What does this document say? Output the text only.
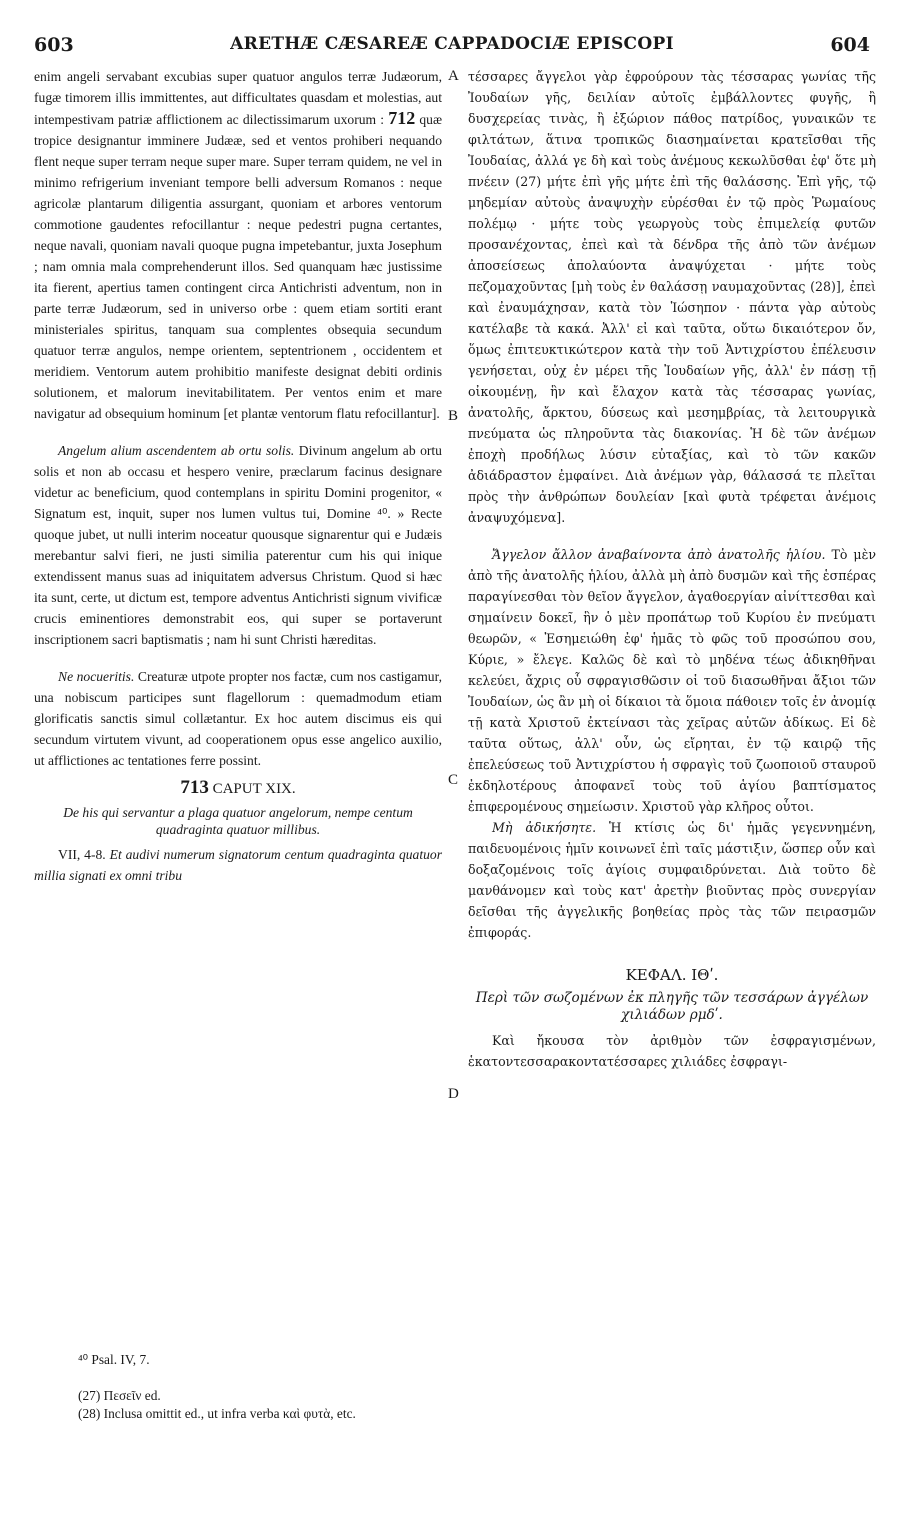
603	ARETHÆ CÆSAREÆ CAPPADOCIÆ EPISCOPI	604

enim angeli servabant excubias super quatuor angulos terræ Judæorum, fugæ timorem illis immittentes, aut difficultates quasdam et molestias, aut intempestivam patriæ afflictionem ac dilectissimarum uxorum : 712 quæ tropice designantur imminere Judææ, sed et ventos prohiberi nequando flent neque super terram neque super mare. Super terram quidem, ne vel in minimo refrigerium inveniant tempore belli adversum Romanos : neque agricolæ plantarum diligentia assurgant, quoniam et arbores ventorum commotione gaudentes refocillantur : neque pedestri pugna certantes, neque navali, quoniam navali quoque pugna impetebantur, juxta Josephum ; nam omnia mala comprehenderunt illos. Sed quanquam hæc justissime ita fierent, apertius tamen contingent circa Antichristi adventum, non in parte terræ Judæorum, sed in universo orbe : quem etiam sortiti erant ministeriales spiritus, tanquam sua complentes obsequia secundum quatuor terræ angulos, nempe orientem, septentrionem , occidentem et meridiem. Ventorum autem prohibitio manifeste designat debiti ordinis solutionem, et malorum inevitabilitatem. Per ventos enim et mare navigatur ad obsequium hominum [et plantæ ventorum flatu refocillantur].

Angelum alium ascendentem ab ortu solis. Divinum angelum ab ortu solis et non ab occasu et hespero venire, præclarum facinus designare videtur ac beneficium, quod contemplans in spiritu Domini progenitor, « Signatum est, inquit, super nos lumen vultus tui, Domine ⁴⁰. » Recte quoque jubet, ut nulli interim noceatur quousque signarentur qui e Judæis merebantur salvi fieri, ne justi similia paterentur cum his qui inique extendissent manus suas ad iniquitatem adversus Christum. Quod si hæc ita sunt, certe, ut dictum est, tempore adventus Antichristi signum vivificæ crucis eminentiores demonstrabit eos, qui super se portaverunt inscriptionem sacri baptismatis ; nam hi sunt Christi hæreditas.

Ne nocueritis. Creaturæ utpote propter nos factæ, cum nos castigamur, una nobiscum participes sunt flagellorum : quemadmodum etiam glorificatis sanctis simul collætantur. Ex hoc autem discimus eis qui secundum virtutem vivunt, ad cooperationem opus esse angelico auxilio, ut afflictiones ac tentationes ferre possint.

713 CAPUT XIX.
De his qui servantur a plaga quatuor angelorum, nempe centum quadraginta quatuor millibus.

VII, 4-8. Et audivi numerum signatorum centum quadraginta quatuor millia signati ex omni tribu

A
B
C
D

τέσσαρες ἄγγελοι γὰρ ἐφρούρουν τὰς τέσσαρας γωνίας τῆς Ἰουδαίων γῆς, δειλίαν αὐτοῖς ἐμβάλλοντες φυγῆς, ἢ δυσχερείας τινὰς, ἢ ἐξώριον πάθος πατρίδος, γυναικῶν τε φιλτάτων, ἅτινα τροπικῶς διασημαίνεται κρατεῖσθαι τῆς Ἰουδαίας, ἀλλά γε δὴ καὶ τοὺς ἀνέμους κεκωλῦσθαι ἐφ' ὅτε μὴ πνέειν (27) μήτε ἐπὶ γῆς μήτε ἐπὶ τῆς θαλάσσης. Ἐπὶ γῆς, τῷ μηδεμίαν αὐτοὺς ἀναψυχὴν εὑρέσθαι ἐν τῷ πρὸς Ῥωμαίους πολέμῳ · μήτε τοὺς γεωργοὺς τοὺς ἐπιμελείᾳ φυτῶν προσανέχοντας, ἐπεὶ καὶ τὰ δένδρα τῆς ἀπὸ τῶν ἀνέμων ἀποσείσεως ἀπολαύοντα ἀναψύχεται · μήτε τοὺς πεζομαχοῦντας [μὴ τοὺς ἐν θαλάσσῃ ναυμαχοῦντας (28)], ἐπεὶ καὶ ἐναυμάχησαν, κατὰ τὸν Ἰώσηπον · πάντα γὰρ αὐτοὺς κατέλαβε τὰ κακά. Ἀλλ' εἰ καὶ ταῦτα, οὕτω δικαιότερον ὄν, ὅμως ἐπιτευκτικώτερον κατὰ τὴν τοῦ Ἀντιχρίστου ἐπέλευσιν γενήσεται, οὐχ ἐν μέρει τῆς Ἰουδαίων γῆς, ἀλλ' ἐν πάσῃ τῇ οἰκουμένῃ, ἣν καὶ ἔλαχον κατὰ τὰς τέσσαρας γωνίας, ἀνατολῆς, ἄρκτου, δύσεως καὶ μεσημβρίας, τὰ λειτουργικὰ πνεύματα ὡς πληροῦντα τὰς διακονίας. Ἡ δὲ τῶν ἀνέμων ἐποχὴ προδήλως λύσιν εὐταξίας, καὶ τὸ τῶν κακῶν ἀδιάδραστον ἐμφαίνει. Διὰ ἀνέμων γὰρ, θάλασσά τε πλεῖται πρὸς τὴν ἀνθρώπων δουλείαν [καὶ φυτὰ τρέφεται ἀνέμοις ἀναψυχόμενα].

Ἄγγελον ἄλλον ἀναβαίνοντα ἀπὸ ἀνατολῆς ἡλίου. Τὸ μὲν ἀπὸ τῆς ἀνατολῆς ἡλίου, ἀλλὰ μὴ ἀπὸ δυσμῶν καὶ τῆς ἑσπέρας παραγίνεσθαι τὸν θεῖον ἄγγελον, ἀγαθοεργίαν αἰνίττεσθαι καὶ σημαίνειν δοκεῖ, ἣν ὁ μὲν προπάτωρ τοῦ Κυρίου ἐν πνεύματι θεωρῶν, « Ἐσημειώθη ἐφ' ἡμᾶς τὸ φῶς τοῦ προσώπου σου, Κύριε, » ἔλεγε. Καλῶς δὲ καὶ τὸ μηδένα τέως ἀδικηθῆναι κελεύει, ἄχρις οὗ σφραγισθῶσιν οἱ τοῦ διασωθῆναι ἄξιοι τῶν Ἰουδαίων, ὡς ἂν μὴ οἱ δίκαιοι τὰ ὅμοια πάθοιεν τοῖς ἐν ἀνομίᾳ τῇ κατὰ Χριστοῦ ἐκτείνασι τὰς χεῖρας αὐτῶν ἀδίκως. Εἰ δὲ ταῦτα οὕτως, ἀλλ' οὖν, ὡς εἴρηται, ἐν τῷ καιρῷ τῆς ἐπελεύσεως τοῦ Ἀντιχρίστου ἡ σφραγὶς τοῦ ζωοποιοῦ σταυροῦ ἐκδηλοτέρους ἀποφανεῖ τοὺς τοῦ ἁγίου βαπτίσματος ἐπιφερομένους σημείωσιν. Χριστοῦ γὰρ κλῆρος οὗτοι.

Μὴ ἀδικήσητε. Ἡ κτίσις ὡς δι' ἡμᾶς γεγεννημένη, παιδευομένοις ἡμῖν κοινωνεῖ ἐπὶ ταῖς μάστιξιν, ὥσπερ οὖν καὶ δοξαζομένοις τοῖς ἁγίοις συμφαιδρύνεται. Διὰ τοῦτο δὲ μανθάνομεν καὶ τοὺς κατ' ἀρετὴν βιοῦντας πρὸς συνεργίαν δεῖσθαι τῆς ἀγγελικῆς βοηθείας πρὸς τὰς τῶν πειρασμῶν ἐπιφοράς.

ΚΕΦΑΛ. ΙΘʹ.
Περὶ τῶν σωζομένων ἐκ πληγῆς τῶν τεσσάρων ἀγγέλων χιλιάδων ρμδʹ.

Καὶ ἤκουσα τὸν ἀριθμὸν τῶν ἐσφραγισμένων, ἑκατοντεσσαρακοντατέσσαρες χιλιάδες ἐσφραγι-

⁴⁰ Psal. IV, 7.
(27) Πεσεῖν ed.
(28) Inclusa omittit ed., ut infra verba καὶ φυτὰ, etc.
